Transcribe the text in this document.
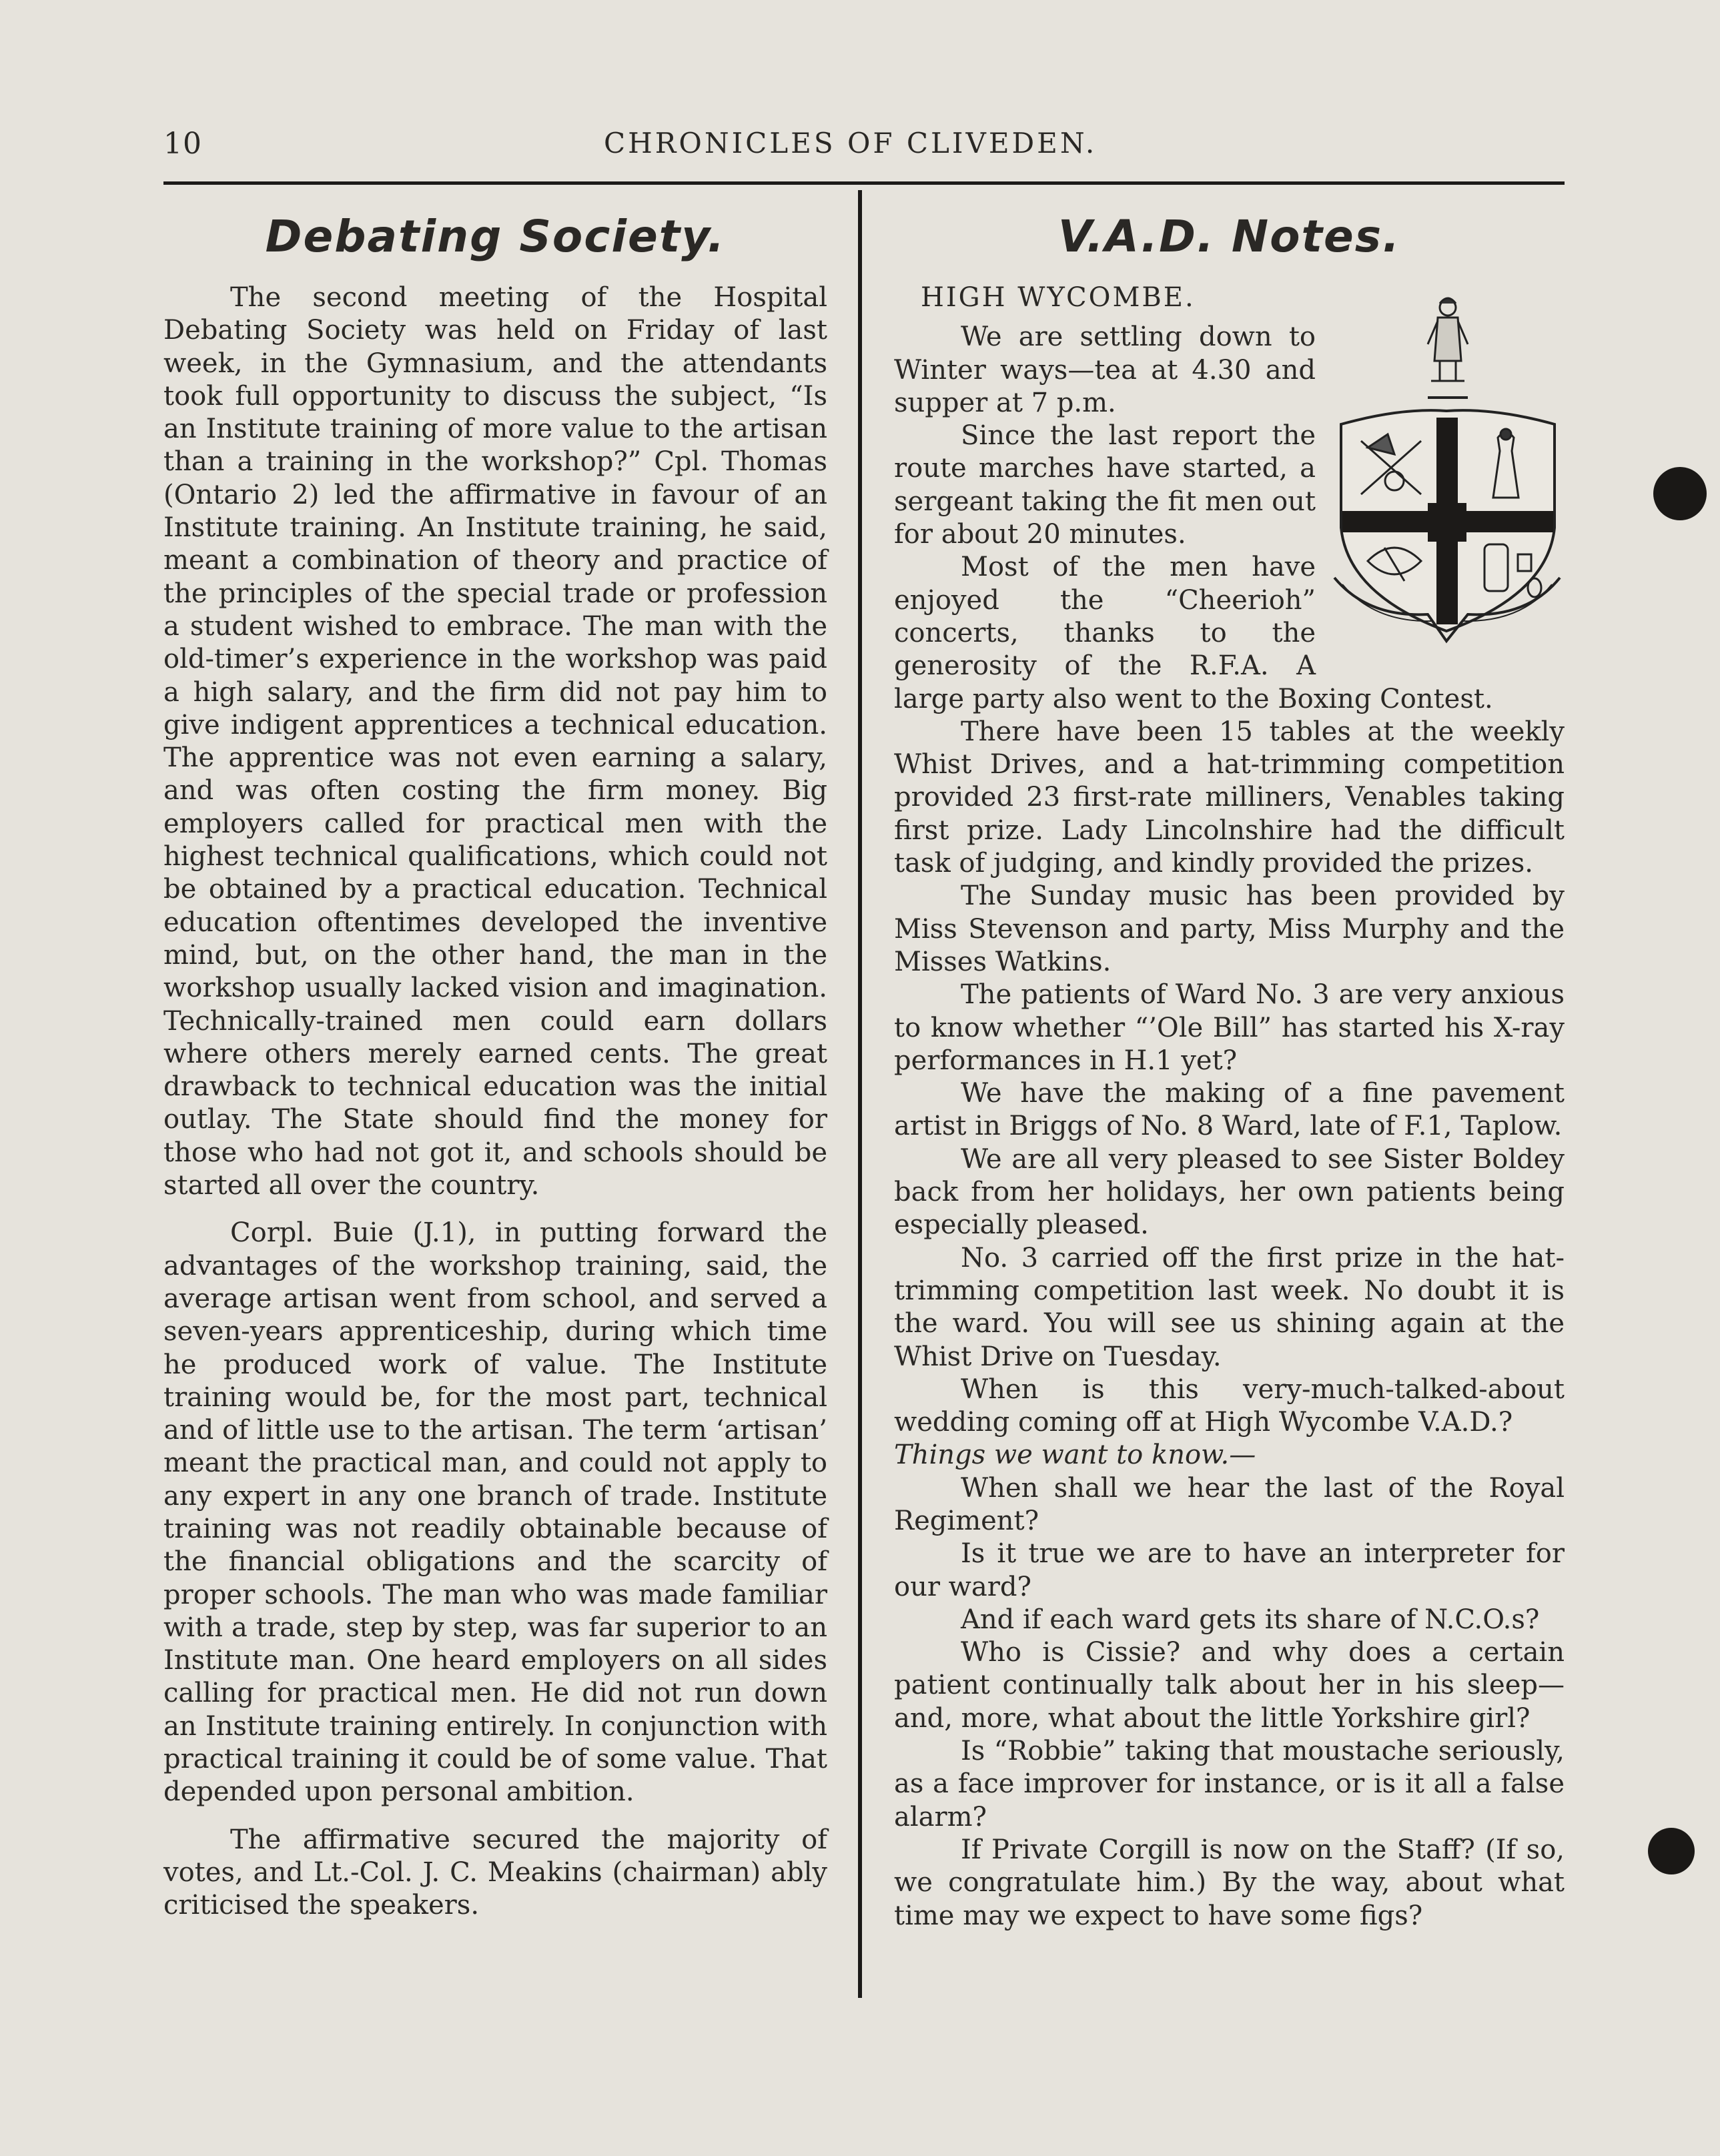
10	CHRONICLES OF CLIVEDEN.
Debating Society.

The second meeting of the Hospital Debating Society was held on Friday of last week, in the Gymnasium, and the attendants took full opportunity to discuss the subject, “Is an Institute training of more value to the artisan than a training in the workshop?” Cpl. Thomas (Ontario 2) led the affirmative in favour of an Institute training. An Institute training, he said, meant a combination of theory and practice of the principles of the special trade or profession a student wished to embrace. The man with the old-timer’s experience in the workshop was paid a high salary, and the firm did not pay him to give indigent apprentices a technical education. The apprentice was not even earning a salary, and was often costing the firm money. Big employers called for practical men with the highest technical qualifications, which could not be obtained by a practical education. Technical education oftentimes developed the inventive mind, but, on the other hand, the man in the workshop usually lacked vision and imagination. Technically-trained men could earn dollars where others merely earned cents. The great drawback to technical education was the initial outlay. The State should find the money for those who had not got it, and schools should be started all over the country.

Corpl. Buie (J.1), in putting forward the advantages of the workshop training, said, the average artisan went from school, and served a seven-years apprenticeship, during which time he produced work of value. The Institute training would be, for the most part, technical and of little use to the artisan. The term ‘artisan’ meant the practical man, and could not apply to any expert in any one branch of trade. Institute training was not readily obtainable because of the financial obligations and the scarcity of proper schools. The man who was made familiar with a trade, step by step, was far superior to an Institute man. One heard employers on all sides calling for practical men. He did not run down an Institute training entirely. In conjunction with practical training it could be of some value. That depended upon personal ambition.

The affirmative secured the majority of votes, and Lt.-Col. J. C. Meakins (chairman) ably criticised the speakers.

V.A.D. Notes.
HIGH WYCOMBE.

We are settling down to Winter ways—tea at 4.30 and supper at 7 p.m.

Since the last report the route marches have started, a sergeant taking the fit men out for about 20 minutes.

Most of the men have enjoyed the “Cheerioh” concerts, thanks to the generosity of the R.F.A. A large party also went to the Boxing Contest.

There have been 15 tables at the weekly Whist Drives, and a hat-trimming competition provided 23 first-rate milliners, Venables taking first prize. Lady Lincolnshire had the difficult task of judging, and kindly provided the prizes.

The Sunday music has been provided by Miss Stevenson and party, Miss Murphy and the Misses Watkins.

The patients of Ward No. 3 are very anxious to know whether “’Ole Bill” has started his X-ray performances in H.1 yet?

We have the making of a fine pavement artist in Briggs of No. 8 Ward, late of F.1, Taplow.

We are all very pleased to see Sister Boldey back from her holidays, her own patients being especially pleased.

No. 3 carried off the first prize in the hat-trimming competition last week. No doubt it is the ward. You will see us shining again at the Whist Drive on Tuesday.

When is this very-much-talked-about wedding coming off at High Wycombe V.A.D.?

Things we want to know.—

When shall we hear the last of the Royal Regiment?

Is it true we are to have an interpreter for our ward?

And if each ward gets its share of N.C.O.s?

Who is Cissie? and why does a certain patient continually talk about her in his sleep—and, more, what about the little Yorkshire girl?

Is “Robbie” taking that moustache seriously, as a face improver for instance, or is it all a false alarm?

If Private Corgill is now on the Staff? (If so, we congratulate him.) By the way, about what time may we expect to have some figs?
